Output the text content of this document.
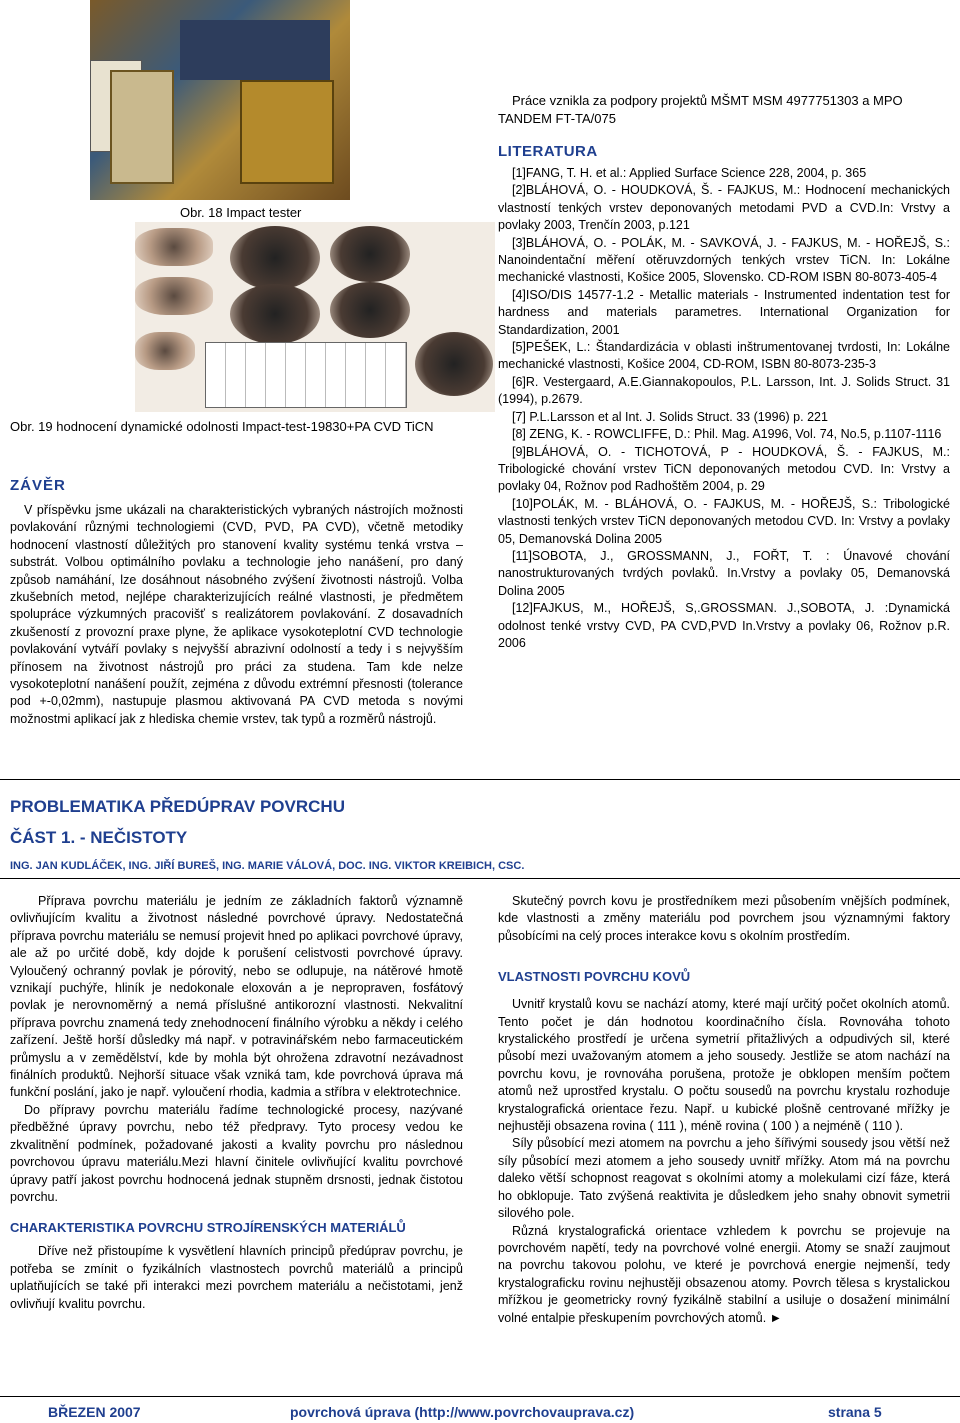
Obr. 18 Impact tester
Obr. 19 hodnocení dynamické odolnosti Impact-test-19830+PA CVD TiCN
ZÁVĚR

V příspěvku jsme ukázali na charakteristických vybraných nástrojích možnosti povlakování různými technologiemi (CVD, PVD, PA CVD), včetně metodiky hodnocení vlastností důležitých pro stanovení kvality systému tenká vrstva – substrát. Volbou optimálního povlaku a technologie jeho nanášení, pro daný způsob namáhání, lze dosáhnout násobného zvýšení životnosti nástrojů. Volba zkušebních metod, nejlépe charakterizujících reálné vlastnosti, je předmětem spolupráce výzkumných pracovišť s realizátorem povlakování. Z dosavadních zkušeností z provozní praxe plyne, že aplikace vysokoteplotní CVD technologie povlakování vytváří povlaky s nejvyšší abrazivní odolností a tedy i s nejvyšším přínosem na životnost nástrojů pro práci za studena. Tam kde nelze vysokoteplotní nanášení použít, zejména z důvodu extrémní přesnosti (tolerance pod +-0,02mm), nastupuje plasmou aktivovaná PA CVD metoda s novými možnostmi aplikací jak z hlediska chemie vrstev, tak typů a rozměrů nástrojů.

Práce vznikla za podpory projektů MŠMT MSM 4977751303 a MPO TANDEM FT-TA/075

LITERATURA

[1]FANG, T. H. et al.: Applied Surface Science 228, 2004, p. 365

[2]BLÁHOVÁ, O. - HOUDKOVÁ, Š. - FAJKUS, M.: Hodnocení mechanických vlastností tenkých vrstev deponovaných metodami PVD a CVD.In: Vrstvy a povlaky 2003, Trenčín 2003, p.121

[3]BLÁHOVÁ, O. - POLÁK, M. - SAVKOVÁ, J. - FAJKUS, M. - HOŘEJŠ, S.: Nanoindentační měření otěruvzdorných tenkých vrstev TiCN. In: Lokálne mechanické vlastnosti, Košice 2005, Slovensko. CD-ROM ISBN 80-8073-405-4

[4]ISO/DIS 14577-1.2 - Metallic materials - Instrumented indentation test for hardness and materials parametres. International Organization for Standardization, 2001

[5]PEŠEK, L.: Štandardizácia v oblasti inštrumentovanej tvrdosti, In: Lokálne mechanické vlastnosti, Košice 2004, CD-ROM, ISBN 80-8073-235-3

[6]R. Vestergaard, A.E.Giannakopoulos, P.L. Larsson, Int. J. Solids Struct. 31 (1994), p.2679.

[7] P.L.Larsson et al Int. J. Solids Struct. 33 (1996) p. 221

[8] ZENG, K. - ROWCLIFFE, D.: Phil. Mag. A1996, Vol. 74, No.5, p.1107-1116

[9]BLÁHOVÁ, O. - TICHOTOVÁ, P - HOUDKOVÁ, Š. - FAJKUS, M.: Tribologické chování vrstev TiCN deponovaných metodou CVD. In: Vrstvy a povlaky 04, Rožnov pod Radhoštěm 2004, p. 29

[10]POLÁK, M. - BLÁHOVÁ, O. - FAJKUS, M. - HOŘEJŠ, S.: Tribologické vlastnosti tenkých vrstev TiCN deponovaných metodou CVD. In: Vrstvy a povlaky 05, Demanovská Dolina 2005

[11]SOBOTA, J., GROSSMANN, J., FOŘT, T. : Únavové chování nanostrukturovaných tvrdých povlaků. In.Vrstvy a povlaky 05, Demanovská Dolina 2005

[12]FAJKUS, M., HOŘEJŠ, S,.GROSSMAN. J.,SOBOTA, J. :Dynamická odolnost tenké vrstvy CVD, PA CVD,PVD In.Vrstvy a povlaky 06, Rožnov p.R. 2006

PROBLEMATIKA PŘEDÚPRAV POVRCHU
ČÁST 1. - NEČISTOTY
ING. JAN KUDLÁČEK, ING. JIŘÍ BUREŠ, ING. MARIE VÁLOVÁ, DOC. ING. VIKTOR KREIBICH, CSC.

Příprava povrchu materiálu je jedním ze základních faktorů významně ovlivňujícím kvalitu a životnost následné povrchové úpravy. Nedostatečná příprava povrchu materiálu se nemusí projevit hned po aplikaci povrchové úpravy, ale až po určité době, kdy dojde k porušení celistvosti povrchové úpravy. Vyloučený ochranný povlak je pórovitý, nebo se odlupuje, na nátěrové hmotě vznikají puchýře, hliník je nedokonale eloxován a je nepropraven, fosfátový povlak je nerovnoměrný a nemá příslušné antikorozní vlastnosti. Nekvalitní příprava povrchu znamená tedy znehodnocení finálního výrobku a někdy i celého zařízení. Ještě horší důsledky má např. v potravinářském nebo farmaceutickém průmyslu a v zemědělství, kde by mohla být ohrožena zdravotní nezávadnost finálních produktů. Nejhorší situace však vzniká tam, kde povrchová úprava má funkční poslání, jako je např. vyloučení rhodia, kadmia a stříbra v elektrotechnice.

Do přípravy povrchu materiálu řadíme technologické procesy, nazývané předběžné úpravy povrchu, nebo též předpravy. Tyto procesy vedou ke zkvalitnění podmínek, požadované jakosti a kvality povrchu pro následnou povrchovou úpravu materiálu.Mezi hlavní činitele ovlivňující kvalitu povrchové úpravy patří jakost povrchu hodnocená jednak stupněm drsnosti, jednak čistotou povrchu.

CHARAKTERISTIKA POVRCHU STROJÍRENSKÝCH MATERIÁLŮ

Dříve než přistoupíme k vysvětlení hlavních principů předúprav povrchu, je potřeba se zmínit o fyzikálních vlastnostech povrchů materiálů a principů uplatňujících se také při interakci mezi povrchem materiálu a nečistotami, jenž ovlivňují kvalitu povrchu.

Skutečný povrch kovu je prostředníkem mezi působením vnějších podmínek, kde vlastnosti a změny materiálu pod povrchem jsou významnými faktory působícími na celý proces interakce kovu s okolním prostředím.

VLASTNOSTI POVRCHU KOVŮ

Uvnitř krystalů kovu se nachází atomy, které mají určitý počet okolních atomů. Tento počet je dán hodnotou koordinačního čísla. Rovnováha tohoto krystalického prostředí je určena symetrií přitažlivých a odpudivých sil, které působí mezi uvažovaným atomem a jeho sousedy. Jestliže se atom nachází na povrchu kovu, je rovnováha porušena, protože je obklopen menším počtem atomů než uprostřed krystalu. O počtu sousedů na povrchu krystalu rozhoduje krystalografická orientace řezu. Např. u kubické plošně centrované mřížky je nejhustěji obsazena rovina ( 111 ), méně rovina ( 100 ) a nejméně ( 110 ).

Síly působící mezi atomem na povrchu a jeho šířivými sousedy jsou větší než síly působící mezi atomem a jeho sousedy uvnitř mřížky. Atom má na povrchu daleko větší schopnost reagovat s okolními atomy a molekulami cizí fáze, která ho obklopuje. Tato zvýšená reaktivita je důsledkem jeho snahy obnovit symetrii silového pole.

Různá krystalografická orientace vzhledem k povrchu se projevuje na povrchovém napětí, tedy na povrchové volné energii. Atomy se snaží zaujmout na povrchu takovou polohu, ve které je povrchová energie nejmenší, tedy krystalograficku rovinu nejhustěji obsazenou atomy. Povrch tělesa s krystalickou mřížkou je geometricky rovný fyzikálně stabilní a usiluje o dosažení minimální volné entalpie přeskupením povrchových atomů. ►

BŘEZEN 2007	povrchová úprava (http://www.povrchovauprava.cz)	strana 5
